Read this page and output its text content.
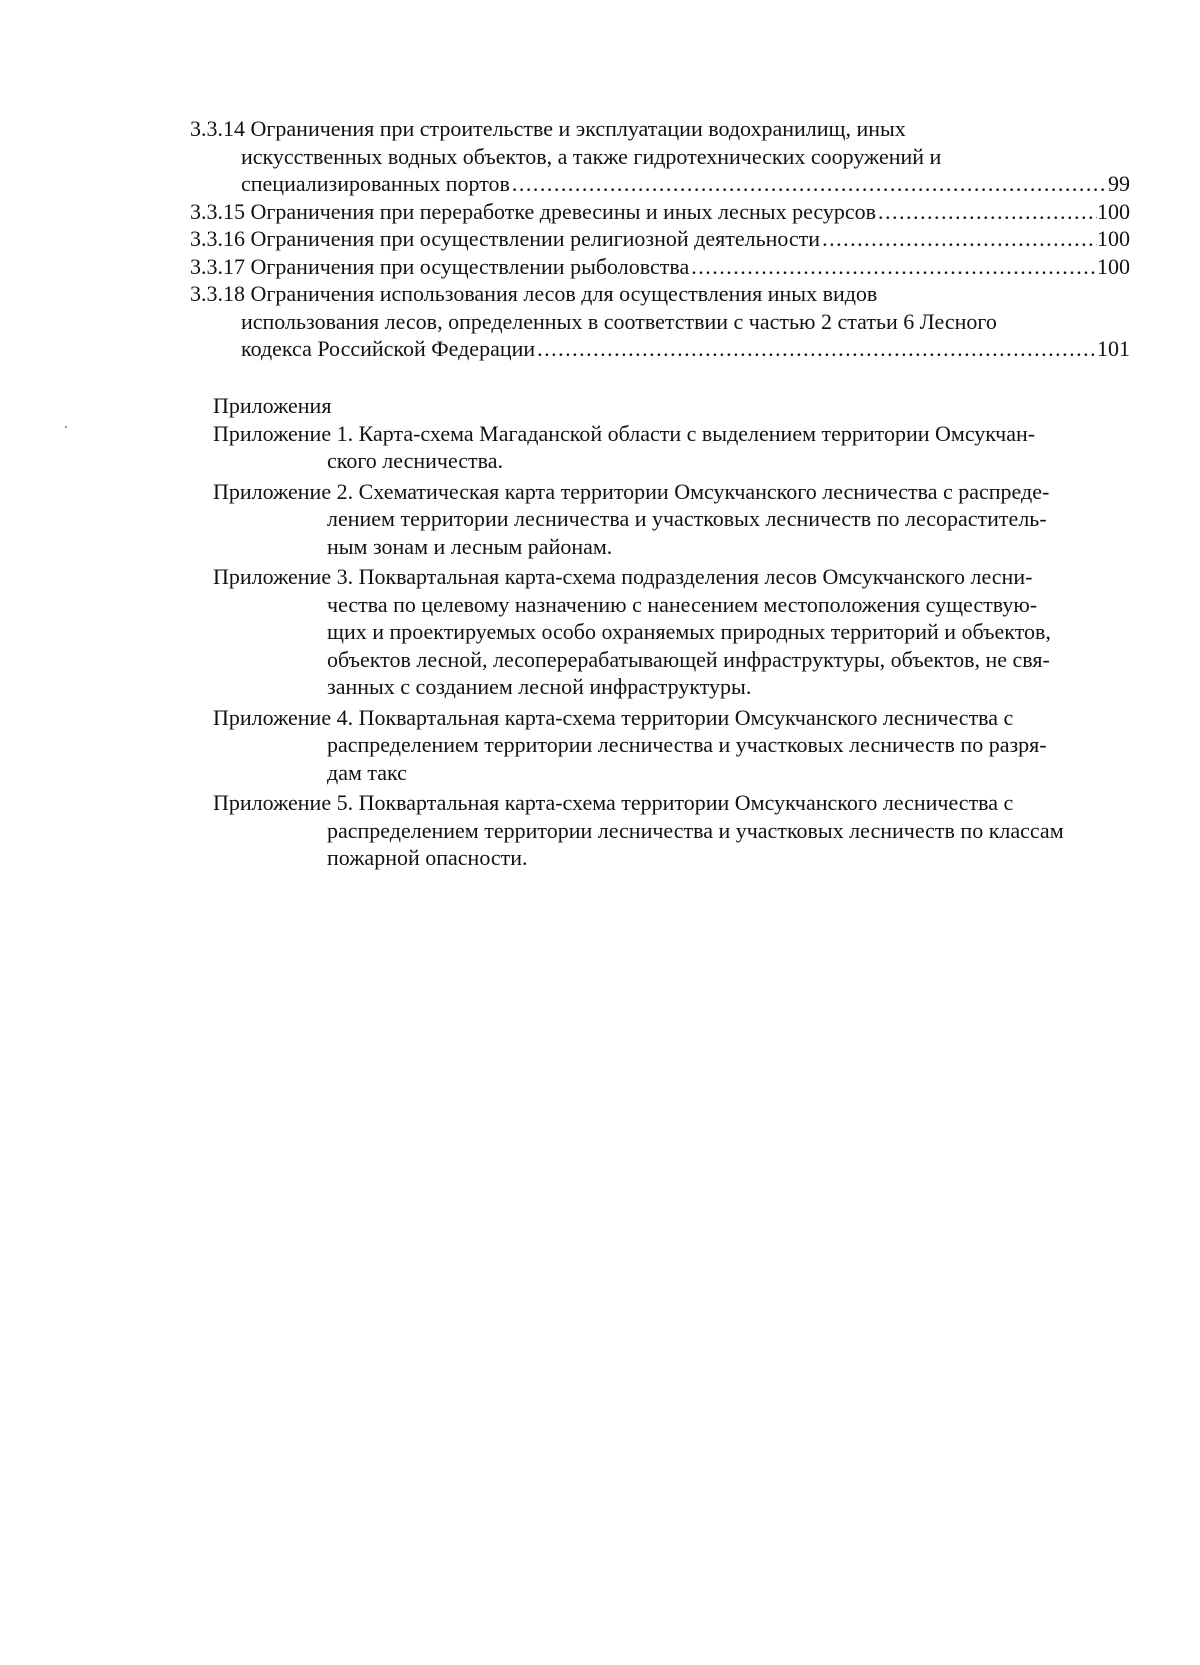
3.3.14 Ограничения при строительстве и эксплуатации водохранилищ, иных
искусственных водных объектов, а также гидротехнических сооружений и
специализированных портов .....	99
3.3.15 Ограничения при переработке древесины и иных лесных ресурсов .....	100
3.3.16 Ограничения при осуществлении религиозной деятельности .....	100
3.3.17 Ограничения при осуществлении рыболовства .....	100
3.3.18 Ограничения использования лесов для осуществления иных видов
использования лесов, определенных в соответствии с частью 2 статьи 6 Лесного
кодекса Российской Федерации .....	101
Приложения
Приложение 1. Карта-схема Магаданской области с выделением территории Омсукчан-
ского лесничества.
Приложение 2. Схематическая карта территории Омсукчанского лесничества с распреде-
лением территории лесничества и участковых лесничеств по лесораститель-
ным зонам и лесным районам.
Приложение 3. Поквартальная карта-схема подразделения лесов Омсукчанского лесни-
чества по целевому назначению с нанесением местоположения существую-
щих и проектируемых особо охраняемых природных территорий и объектов,
объектов лесной, лесоперерабатывающей инфраструктуры, объектов, не свя-
занных с созданием лесной инфраструктуры.
Приложение 4. Поквартальная карта-схема территории Омсукчанского лесничества с
распределением территории лесничества и участковых лесничеств по разря-
дам такс
Приложение 5. Поквартальная карта-схема территории Омсукчанского лесничества с
распределением территории лесничества и участковых лесничеств по классам
пожарной опасности.
